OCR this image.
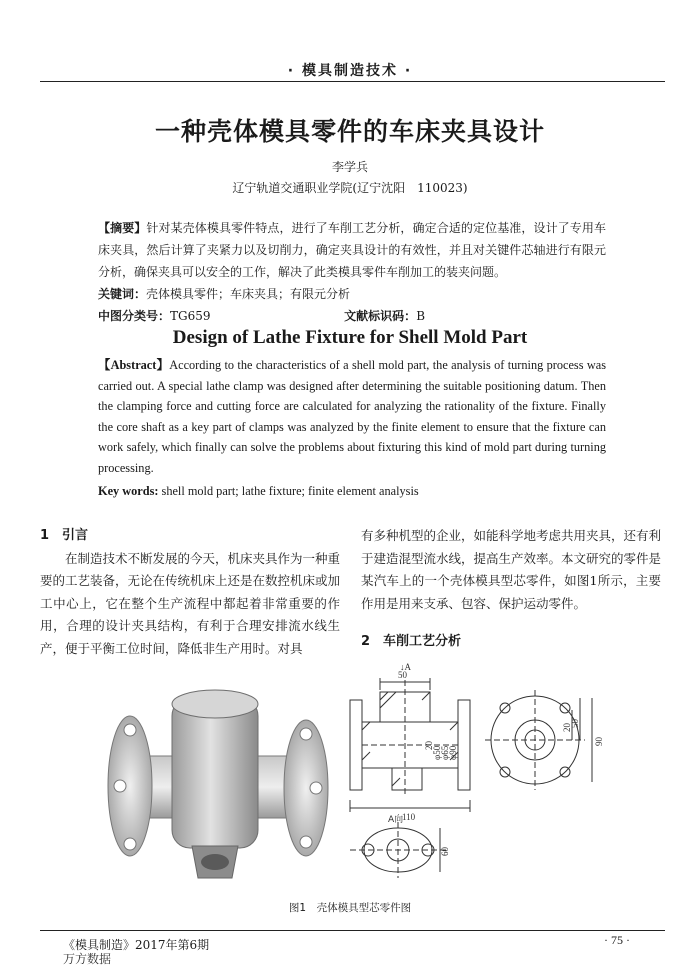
· 模具制造技术 ·
一种壳体模具零件的车床夹具设计
李学兵
辽宁轨道交通职业学院(辽宁沈阳　110023)
【摘要】针对某壳体模具零件特点，进行了车削工艺分析，确定合适的定位基准，设计了专用车床夹具，然后计算了夹紧力以及切削力，确定夹具设计的有效性，并且对关键件芯轴进行有限元分析，确保夹具可以安全的工作，解决了此类模具零件车削加工的装夹问题。
关键词：壳体模具零件；车床夹具；有限元分析
中图分类号：TG659	文献标识码：B
Design of Lathe Fixture for Shell Mold Part
【Abstract】According to the characteristics of a shell mold part, the analysis of turning process was carried out. A special lathe clamp was designed after determining the suitable positioning datum. Then the clamping force and cutting force are calculated for analyzing the rationality of the fixture. Finally the core shaft as a key part of clamps was analyzed by the finite element to ensure that the fixture can work safely, which finally can solve the problems about fixturing this kind of mold part during turning processing.
Key words: shell mold part; lathe fixture; finite element analysis
1　引言
在制造技术不断发展的今天，机床夹具作为一种重要的工艺装备，无论在传统机床上还是在数控机床或加工中心上，它在整个生产流程中都起着非常重要的作用，合理的设计夹具结构，有利于合理安排流水线生产，便于平衡工位时间，降低非生产用时。对具
有多种机型的企业，如能科学地考虑共用夹具，还有利于建造混型流水线，提高生产效率。本文研究的零件是某汽车上的一个壳体模具型芯零件，如图1所示，主要作用是用来支承、包容、保护运动零件。
2　车削工艺分析
↓A
50
110
20
φ50
φ65
φ90
20
50
90
A向
60
图1　壳体模具型芯零件图
《模具制造》2017年第6期
万方数据
· 75 ·
